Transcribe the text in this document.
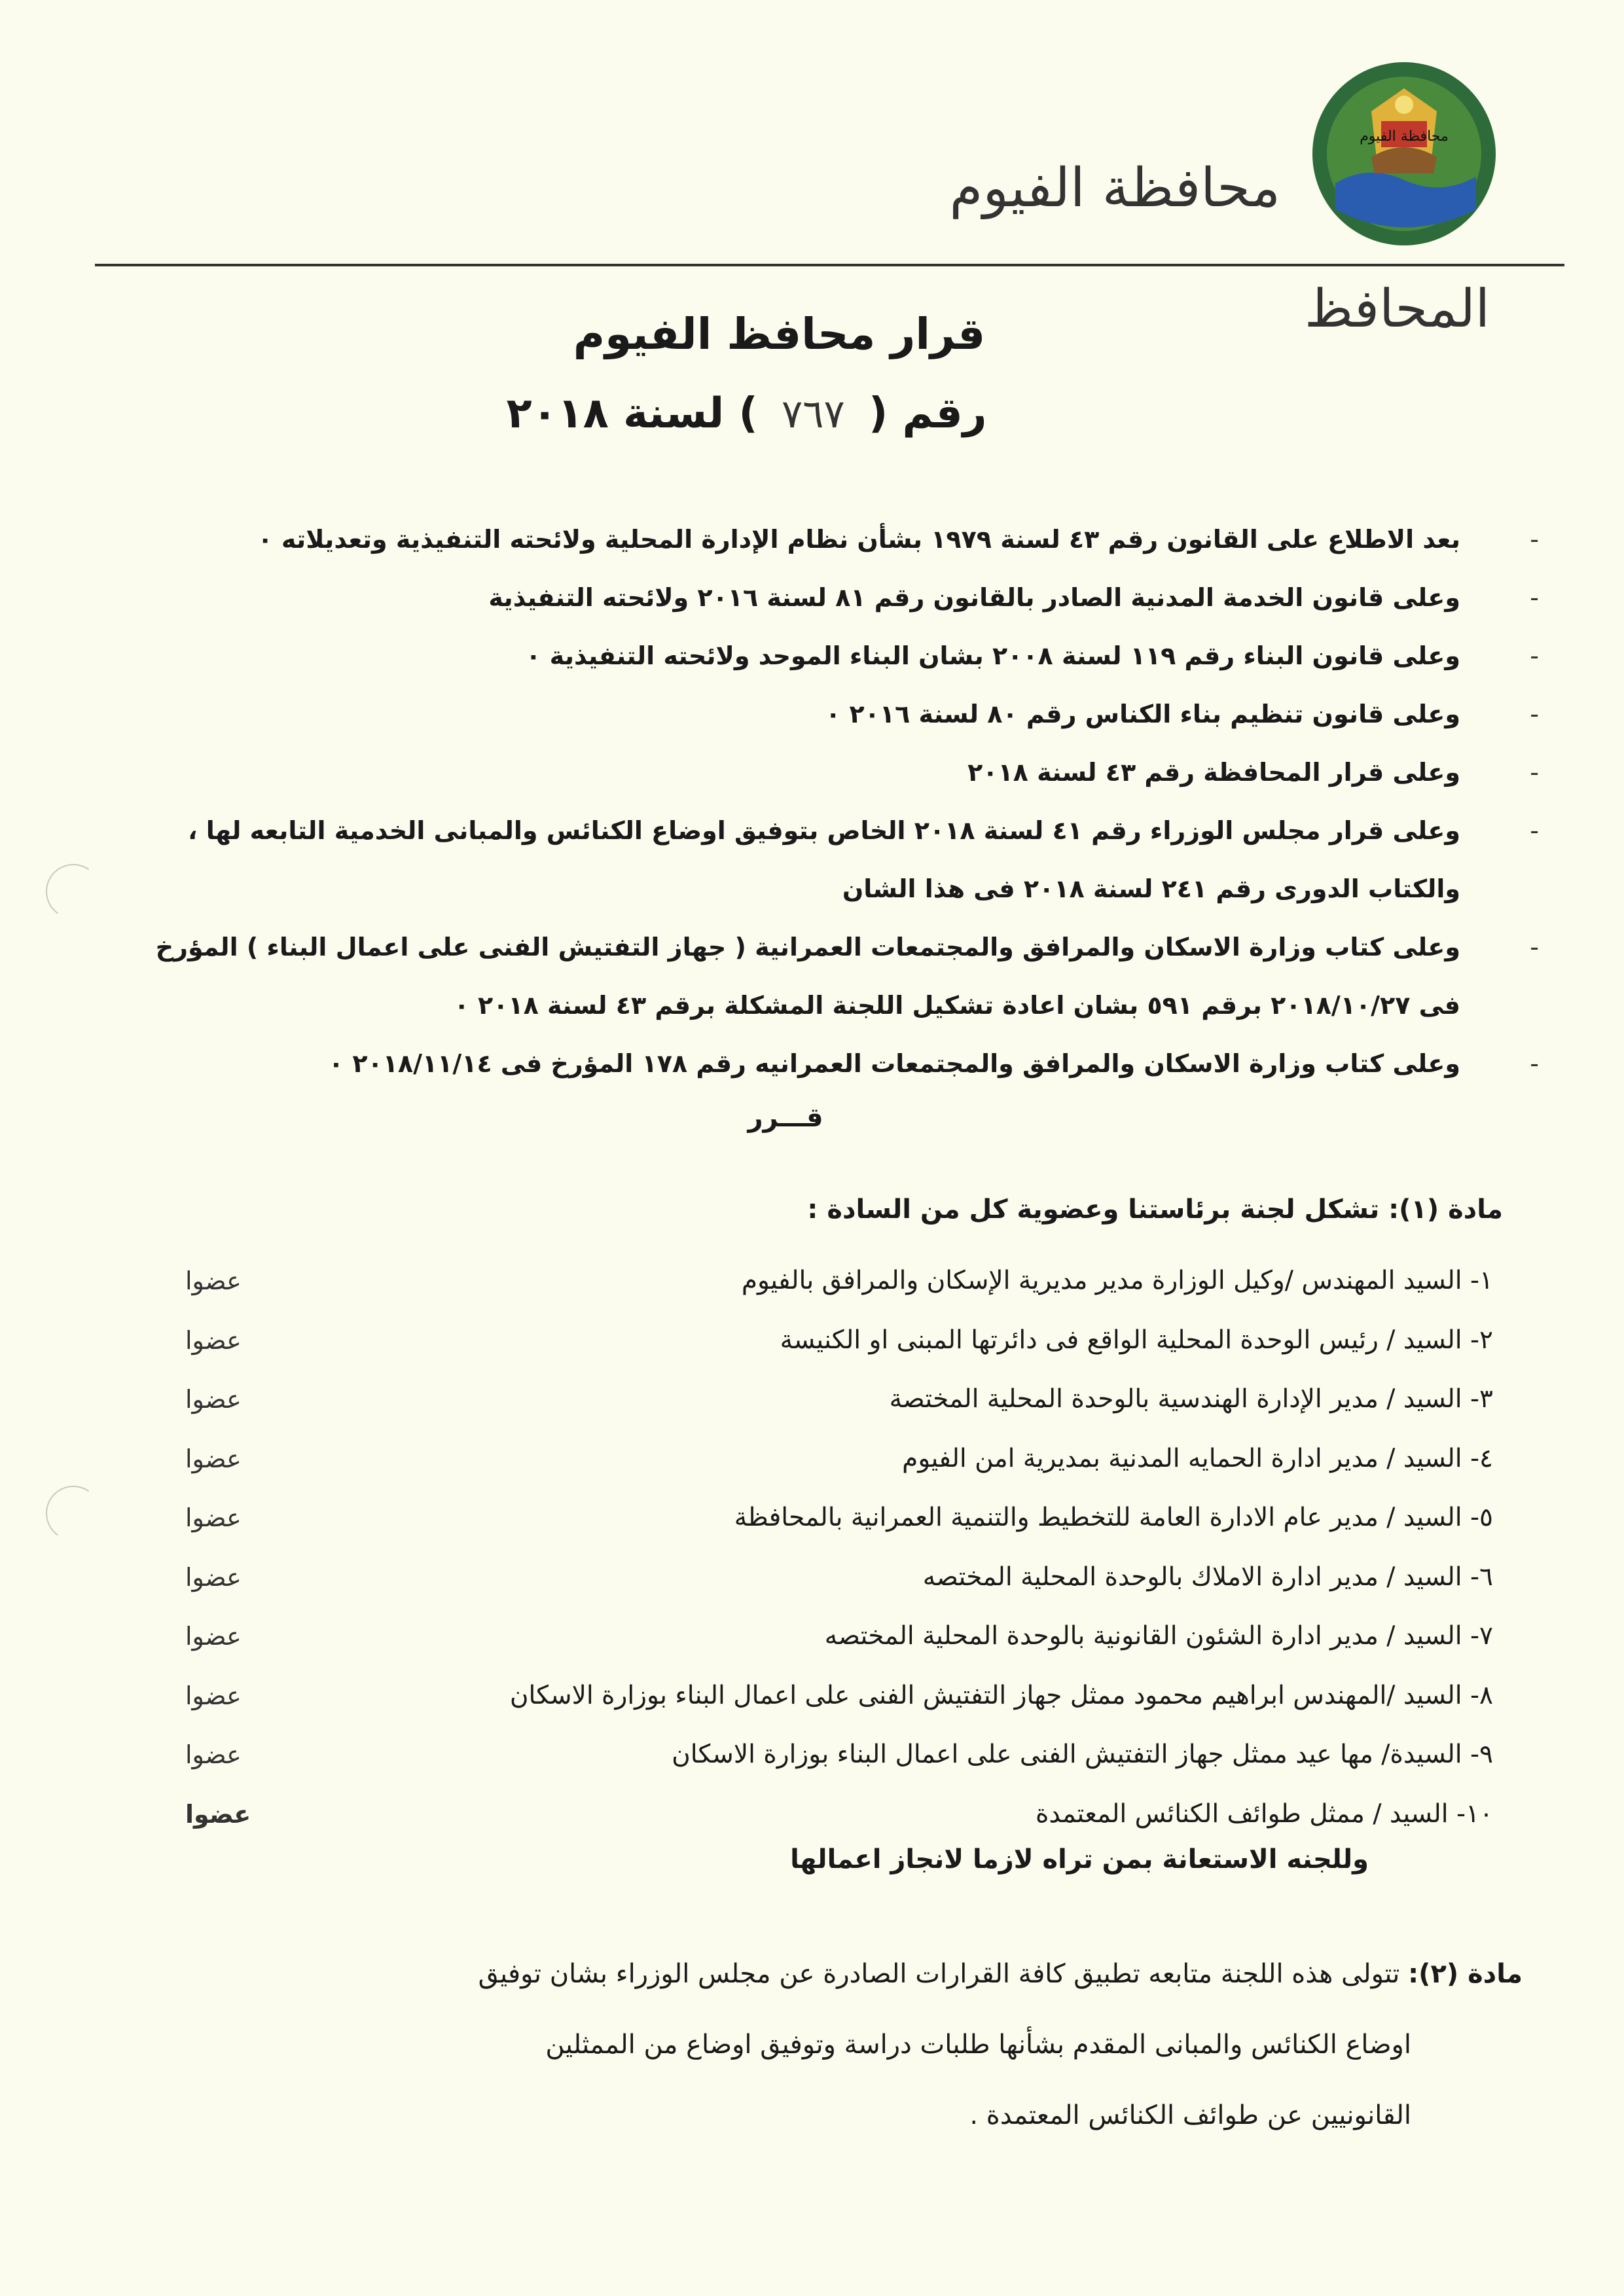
محافظة الفيوم
محافظة الفيوم
المحافظ
قرار محافظ الفيوم
رقم ( ٧٦٧ ) لسنة ٢٠١٨
-
بعد الاطلاع على القانون رقم ٤٣ لسنة ١٩٧٩ بشأن نظام الإدارة المحلية ولائحته التنفيذية وتعديلاته ٠
-
وعلى قانون الخدمة المدنية الصادر بالقانون رقم ٨١ لسنة ٢٠١٦ ولائحته التنفيذية
-
وعلى قانون البناء رقم ١١٩ لسنة ٢٠٠٨ بشان البناء الموحد ولائحته التنفيذية ٠
-
وعلى قانون تنظيم بناء الكناس رقم ٨٠ لسنة ٢٠١٦ ٠
-
وعلى قرار المحافظة رقم ٤٣ لسنة ٢٠١٨
-
وعلى قرار مجلس الوزراء رقم ٤١ لسنة ٢٠١٨ الخاص بتوفيق اوضاع الكنائس والمبانى الخدمية التابعه لها ،
والكتاب الدورى رقم ٢٤١ لسنة ٢٠١٨ فى هذا الشان
-
وعلى كتاب وزارة الاسكان والمرافق والمجتمعات العمرانية ( جهاز التفتيش الفنى على اعمال البناء ) المؤرخ
فى ٢٠١٨/١٠/٢٧ برقم ٥٩١ بشان اعادة تشكيل اللجنة المشكلة برقم ٤٣ لسنة ٢٠١٨ ٠
-
وعلى كتاب وزارة الاسكان والمرافق والمجتمعات العمرانيه رقم ١٧٨ المؤرخ فى ٢٠١٨/١١/١٤ ٠
قـــرر
مادة (١): تشكل لجنة برئاستنا وعضوية كل من السادة :
١- السيد المهندس /وكيل الوزارة مدير مديرية الإسكان والمرافق بالفيوم
عضوا
٢- السيد / رئيس الوحدة المحلية الواقع فى دائرتها المبنى او الكنيسة
عضوا
٣- السيد / مدير الإدارة الهندسية بالوحدة المحلية المختصة
عضوا
٤- السيد / مدير ادارة الحمايه المدنية بمديرية امن الفيوم
عضوا
٥- السيد / مدير عام الادارة العامة للتخطيط والتنمية العمرانية بالمحافظة
عضوا
٦- السيد / مدير ادارة الاملاك بالوحدة المحلية المختصه
عضوا
٧- السيد / مدير ادارة الشئون القانونية بالوحدة المحلية المختصه
عضوا
٨- السيد /المهندس ابراهيم محمود ممثل جهاز التفتيش الفنى على اعمال البناء بوزارة الاسكان
عضوا
٩- السيدة/ مها عيد ممثل جهاز التفتيش الفنى على اعمال البناء بوزارة الاسكان
عضوا
١٠- السيد / ممثل طوائف الكنائس المعتمدة
عضوا
وللجنه الاستعانة بمن تراه لازما لانجاز اعمالها
مادة (٢): تتولى هذه اللجنة متابعه تطبيق كافة القرارات الصادرة عن مجلس الوزراء بشان توفيق
اوضاع الكنائس والمبانى المقدم بشأنها طلبات دراسة وتوفيق اوضاع من الممثلين
القانونيين عن طوائف الكنائس المعتمدة .
